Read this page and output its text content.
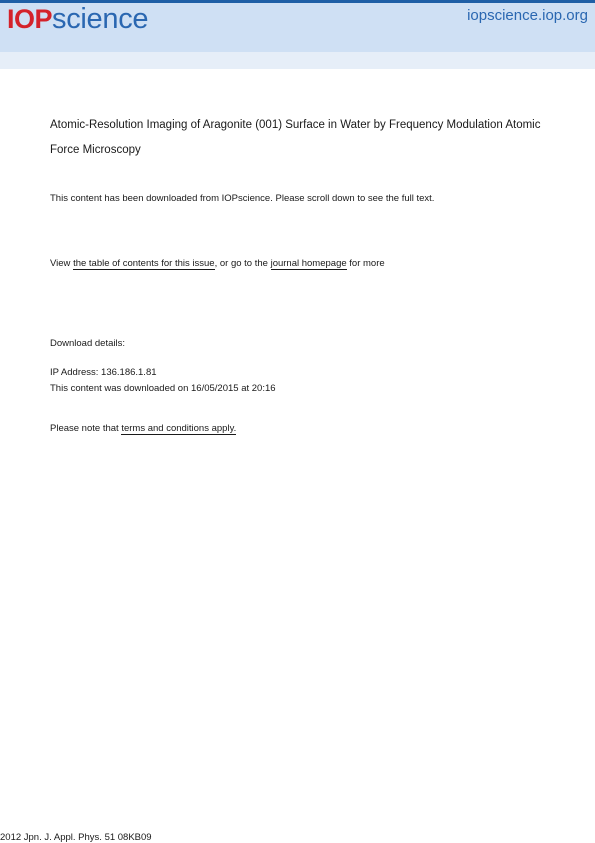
IOPscience	iopscience.iop.org
Atomic-Resolution Imaging of Aragonite (001) Surface in Water by Frequency Modulation Atomic Force Microscopy
This content has been downloaded from IOPscience. Please scroll down to see the full text.
View the table of contents for this issue, or go to the journal homepage for more
Download details:
IP Address: 136.186.1.81
This content was downloaded on 16/05/2015 at 20:16
Please note that terms and conditions apply.
2012 Jpn. J. Appl. Phys. 51 08KB09
